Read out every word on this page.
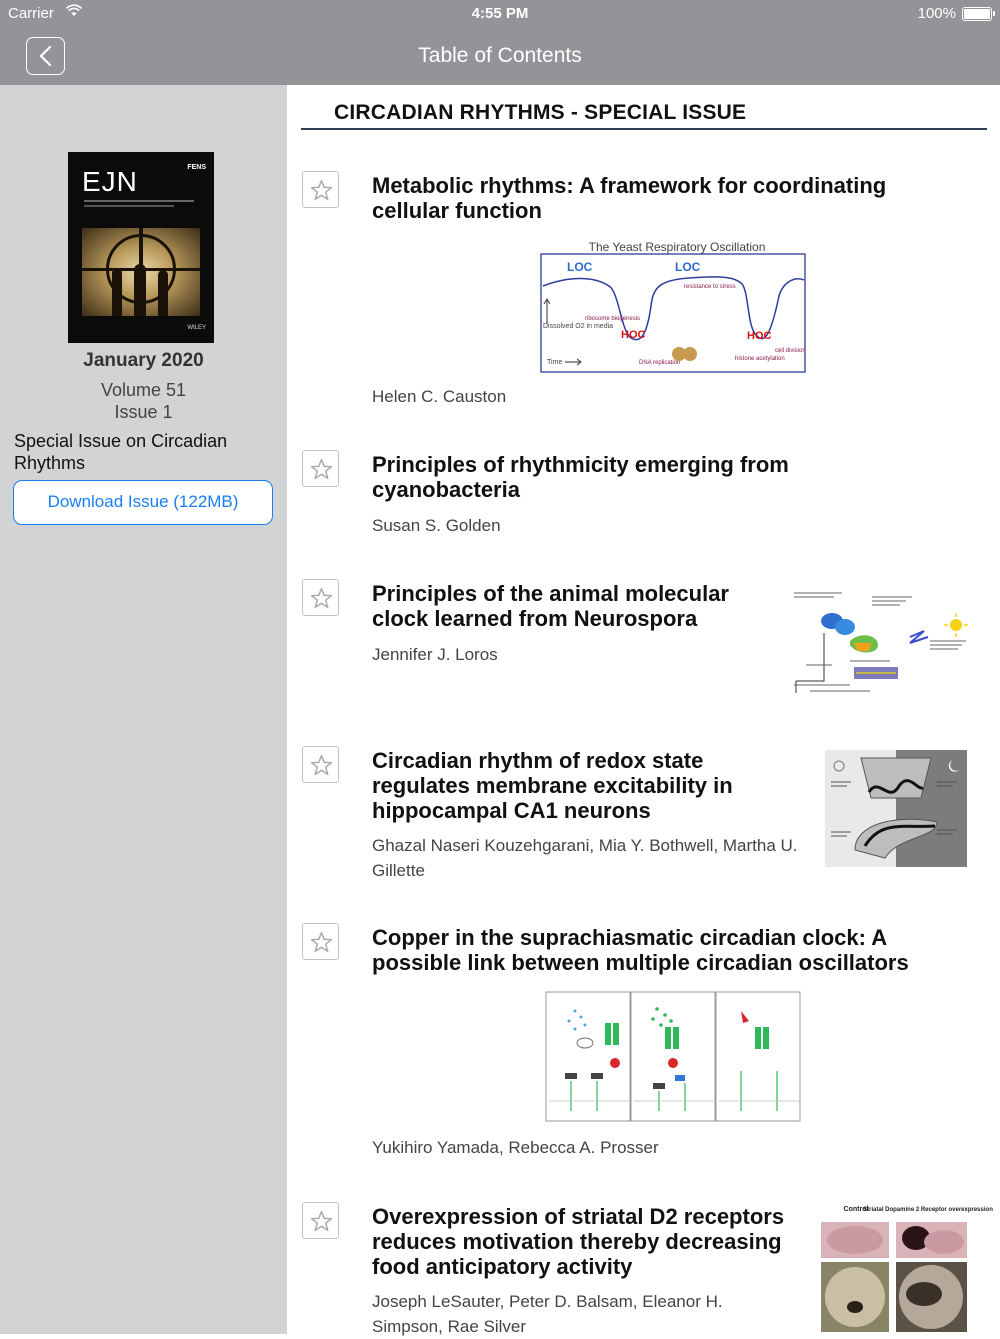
Carrier	4:55 PM	100%
Table of Contents
EJN	FENS
WILEY
January 2020
Volume 51
Issue 1
Special Issue on Circadian Rhythms
Download Issue (122MB)
CIRCADIAN RHYTHMS - SPECIAL ISSUE
Metabolic rhythms: A framework for coordinating cellular function
The Yeast Respiratory Oscillation
LOC	LOC
HOC	HOC
resistance to stress
ribosome biogenesis
DNA replication
histone acetylation
cell division
Dissolved O2 in media
Time
Helen C. Causton
Principles of rhythmicity emerging from cyanobacteria
Susan S. Golden
Principles of the animal molecular clock learned from Neurospora
Jennifer J. Loros
Circadian rhythm of redox state regulates membrane excitability in hippocampal CA1 neurons
Ghazal Naseri Kouzehgarani, Mia Y. Bothwell, Martha U. Gillette
Copper in the suprachiasmatic circadian clock: A possible link between multiple circadian oscillators
Yukihiro Yamada, Rebecca A. Prosser
Overexpression of striatal D2 receptors reduces motivation thereby decreasing food anticipatory activity
Joseph LeSauter, Peter D. Balsam, Eleanor H. Simpson, Rae Silver
Control
Striatal Dopamine 2 Receptor overexpression
